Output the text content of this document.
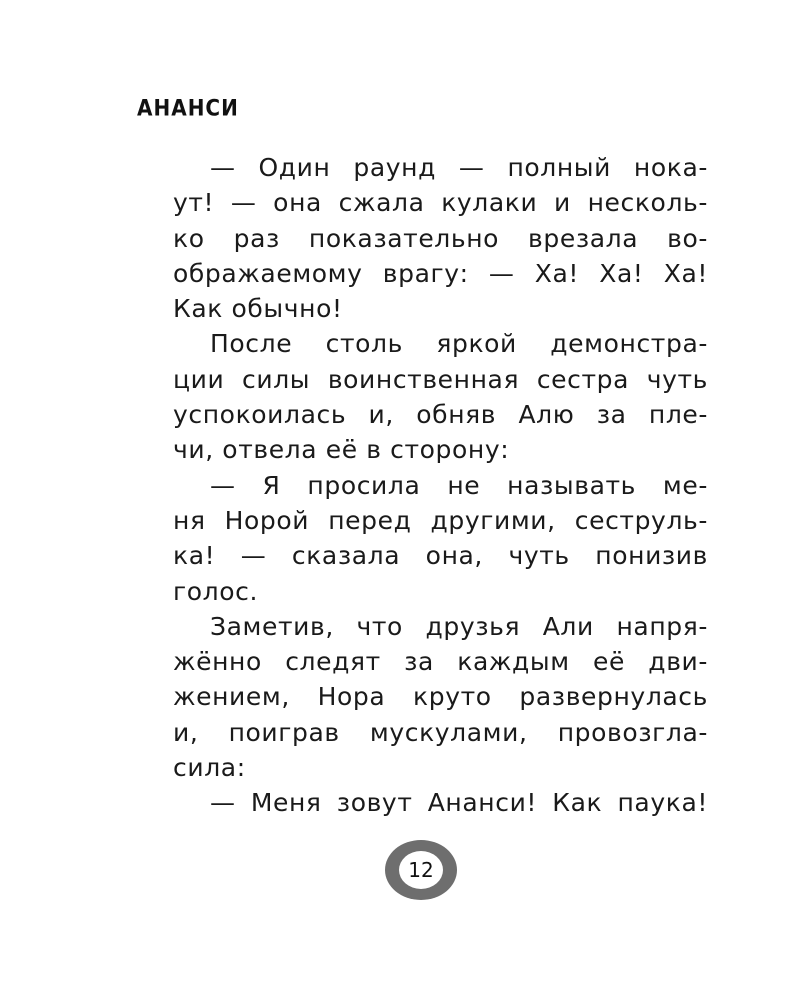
АНАНСИ
— Один раунд — полный нока-
ут! — она сжала кулаки и несколь-
ко раз показательно врезала во-
ображаемому врагу: — Ха! Ха! Ха!
Как обычно!
После столь яркой демонстра-
ции силы воинственная сестра чуть
успокоилась и, обняв Алю за пле-
чи, отвела её в сторону:
— Я просила не называть ме-
ня Норой перед другими, сеструль-
ка! — сказала она, чуть понизив
голос.
Заметив, что друзья Али напря-
жённо следят за каждым её дви-
жением, Нора круто развернулась
и, поиграв мускулами, провозгла-
сила:
— Меня зовут Ананси! Как паука!
12
